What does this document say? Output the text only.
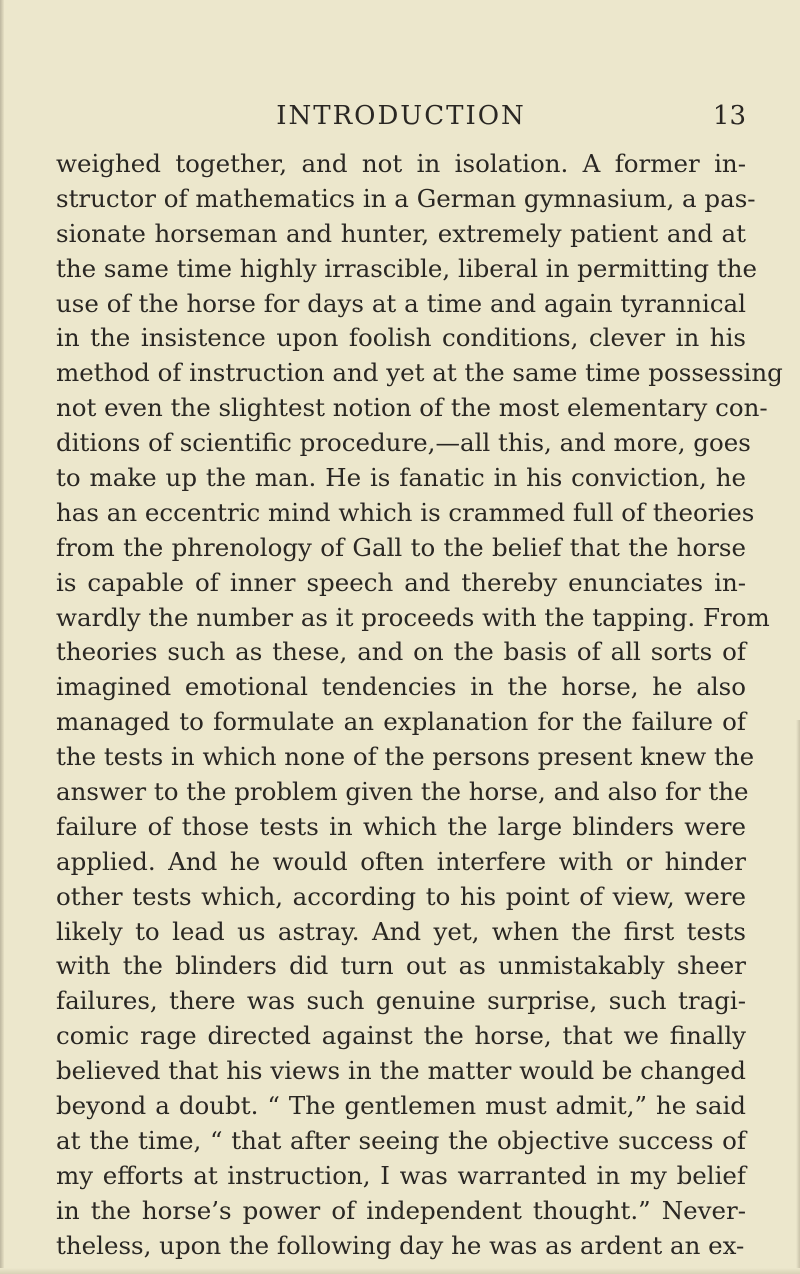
INTRODUCTION	13
weighed together, and not in isolation. A former in-
structor of mathematics in a German gymnasium, a pas-
sionate horseman and hunter, extremely patient and at
the same time highly irrascible, liberal in permitting the
use of the horse for days at a time and again tyrannical
in the insistence upon foolish conditions, clever in his
method of instruction and yet at the same time possessing
not even the slightest notion of the most elementary con-
ditions of scientific procedure,—all this, and more, goes
to make up the man. He is fanatic in his conviction, he
has an eccentric mind which is crammed full of theories
from the phrenology of Gall to the belief that the horse
is capable of inner speech and thereby enunciates in-
wardly the number as it proceeds with the tapping. From
theories such as these, and on the basis of all sorts of
imagined emotional tendencies in the horse, he also
managed to formulate an explanation for the failure of
the tests in which none of the persons present knew the
answer to the problem given the horse, and also for the
failure of those tests in which the large blinders were
applied. And he would often interfere with or hinder
other tests which, according to his point of view, were
likely to lead us astray. And yet, when the first tests
with the blinders did turn out as unmistakably sheer
failures, there was such genuine surprise, such tragi-
comic rage directed against the horse, that we finally
believed that his views in the matter would be changed
beyond a doubt. “ The gentlemen must admit,” he said
at the time, “ that after seeing the objective success of
my efforts at instruction, I was warranted in my belief
in the horse’s power of independent thought.” Never-
theless, upon the following day he was as ardent an ex-
